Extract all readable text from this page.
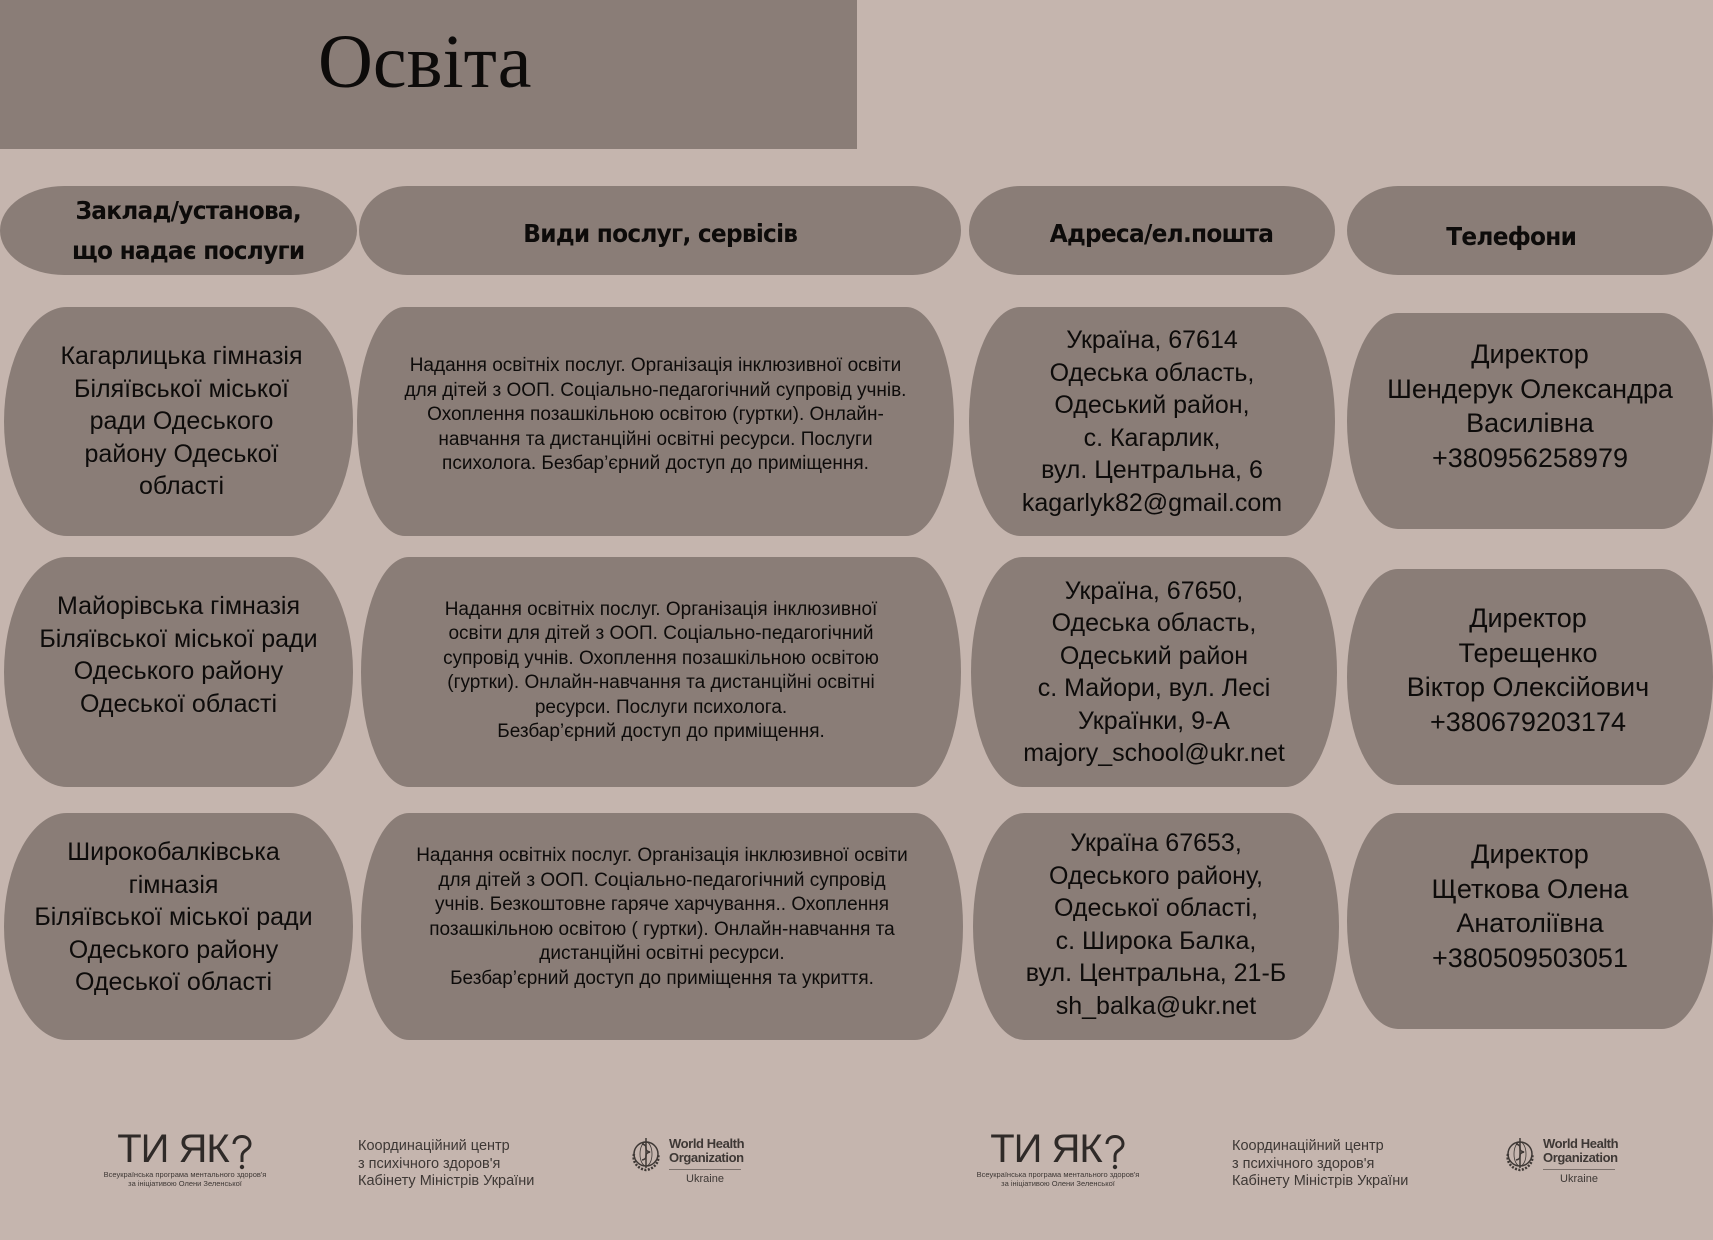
Освіта
Заклад/установа,
що надає послуги
Види послуг, сервісів	Адреса/ел.пошта	Телефони
Кагарлицька гімназія
Біляївської міської
ради Одеського
району Одеської
області
Надання освітніх послуг. Організація інклюзивної освіти
для дітей з ООП. Соціально-педагогічний супровід учнів.
Охоплення позашкільною освітою (гуртки). Онлайн-
навчання та дистанційні освітні ресурси. Послуги
психолога. Безбар’єрний доступ до приміщення.
Україна, 67614
Одеська область,
Одеський район,
с. Кагарлик,
вул. Центральна, 6
kagarlyk82@gmail.com
Директор
Шендерук Олександра
Василівна
+380956258979
Майорівська гімназія
Біляївської міської ради
Одеського району
Одеської області
Надання освітніх послуг. Організація інклюзивної
освіти для дітей з ООП. Соціально-педагогічний
супровід учнів. Охоплення позашкільною освітою
(гуртки). Онлайн-навчання та дистанційні освітні
ресурси. Послуги психолога.
Безбар’єрний доступ до приміщення.
Україна, 67650,
Одеська область,
Одеський район
с. Майори, вул. Лесі
Українки, 9-А
majory_school@ukr.net
Директор
Терещенко
Віктор Олексійович
+380679203174
Широкобалківська
гімназія
Біляївської міської ради
Одеського району
Одеської області
Надання освітніх послуг. Організація інклюзивної освіти
для дітей з ООП. Соціально-педагогічний супровід
учнів. Безкоштовне гаряче харчування.. Охоплення
позашкільною освітою ( гуртки). Онлайн-навчання та
дистанційні освітні ресурси.
Безбар’єрний доступ до приміщення та укриття.
Україна 67653,
Одеського району,
Одеської області,
с. Широка Балка,
вул. Центральна, 21-Б
sh_balka@ukr.net
Директор
Щеткова Олена
Анатоліївна
+380509503051
ТИ ЯК
Всеукраїнська програма ментального здоров'я
за ініціативою Олени Зеленської
Координаційний центр
з психічного здоров'я
Кабінету Міністрів України
World Health
Organization
Ukraine
ТИ ЯК
Всеукраїнська програма ментального здоров'я
за ініціативою Олени Зеленської
Координаційний центр
з психічного здоров'я
Кабінету Міністрів України
World Health
Organization
Ukraine
